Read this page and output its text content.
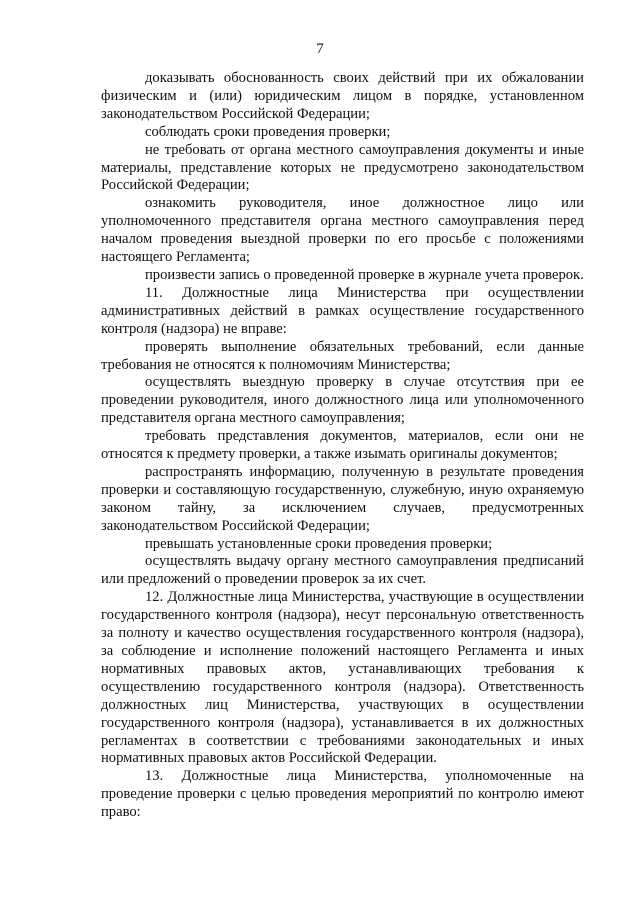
7

доказывать обоснованность своих действий при их обжаловании физическим и (или) юридическим лицом в порядке, установленном законодательством Российской Федерации;

соблюдать сроки проведения проверки;

не требовать от органа местного самоуправления документы и иные материалы, представление которых не предусмотрено законодательством Российской Федерации;

ознакомить руководителя, иное должностное лицо или уполномоченного представителя органа местного самоуправления перед началом проведения выездной проверки по его просьбе с положениями настоящего Регламента;

произвести запись о проведенной проверке в журнале учета проверок.

11. Должностные лица Министерства при осуществлении административных действий в рамках осуществление государственного контроля (надзора) не вправе:

проверять выполнение обязательных требований, если данные требования не относятся к полномочиям Министерства;

осуществлять выездную проверку в случае отсутствия при ее проведении руководителя, иного должностного лица или уполномоченного представителя органа местного самоуправления;

требовать представления документов, материалов, если они не относятся к предмету проверки, а также изымать оригиналы документов;

распространять информацию, полученную в результате проведения проверки и составляющую государственную, служебную, иную охраняемую законом тайну, за исключением случаев, предусмотренных законодательством Российской Федерации;

превышать установленные сроки проведения проверки;

осуществлять выдачу органу местного самоуправления предписаний или предложений о проведении проверок за их счет.

12. Должностные лица Министерства, участвующие в осуществлении государственного контроля (надзора), несут персональную ответственность за полноту и качество осуществления государственного контроля (надзора), за соблюдение и исполнение положений настоящего Регламента и иных нормативных правовых актов, устанавливающих требования к осуществлению государственного контроля (надзора). Ответственность должностных лиц Министерства, участвующих в осуществлении государственного контроля (надзора), устанавливается в их должностных регламентах в соответствии с требованиями законодательных и иных нормативных правовых актов Российской Федерации.

13. Должностные лица Министерства, уполномоченные на проведение проверки с целью проведения мероприятий по контролю имеют право:
